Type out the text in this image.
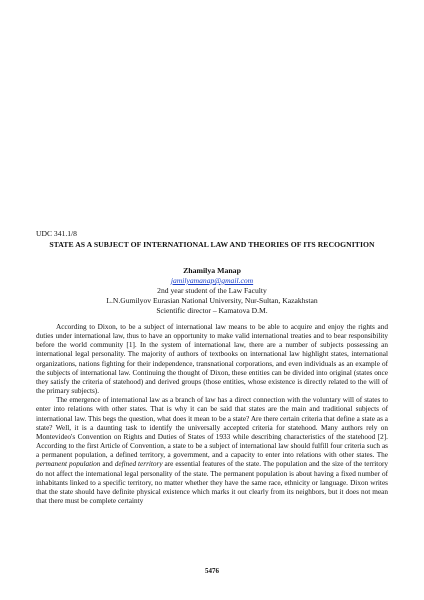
UDC 341.1/8
STATE AS A SUBJECT OF INTERNATIONAL LAW AND THEORIES OF ITS RECOGNITION
Zhamilya Manap
jamilyamanap@gmail.com
2nd year student of the Law Faculty
L.N.Gumilyov Eurasian National University, Nur-Sultan, Kazakhstan
Scientific director – Kamatova D.M.

According to Dixon, to be a subject of international law means to be able to acquire and enjoy the rights and duties under international law, thus to have an opportunity to make valid international treaties and to bear responsibility before the world community [1]. In the system of international law, there are a number of subjects possessing an international legal personality. The majority of authors of textbooks on international law highlight states, international organizations, nations fighting for their independence, transnational corporations, and even individuals as an example of the subjects of international law. Continuing the thought of Dixon, these entities can be divided into original (states once they satisfy the criteria of statehood) and derived groups (those entities, whose existence is directly related to the will of the primary subjects).

The emergence of international law as a branch of law has a direct connection with the voluntary will of states to enter into relations with other states. That is why it can be said that states are the main and traditional subjects of international law. This begs the question, what does it mean to be a state? Are there certain criteria that define a state as a state? Well, it is a daunting task to identify the universally accepted criteria for statehood. Many authors rely on Montevideo's Convention on Rights and Duties of States of 1933 while describing characteristics of the statehood [2]. According to the first Article of Convention, a state to be a subject of international law should fulfill four criteria such as a permanent population, a defined territory, a government, and a capacity to enter into relations with other states. The permanent population and defined territory are essential features of the state. The population and the size of the territory do not affect the international legal personality of the state. The permanent population is about having a fixed number of inhabitants linked to a specific territory, no matter whether they have the same race, ethnicity or language. Dixon writes that the state should have definite physical existence which marks it out clearly from its neighbors, but it does not mean that there must be complete certainty

5476
